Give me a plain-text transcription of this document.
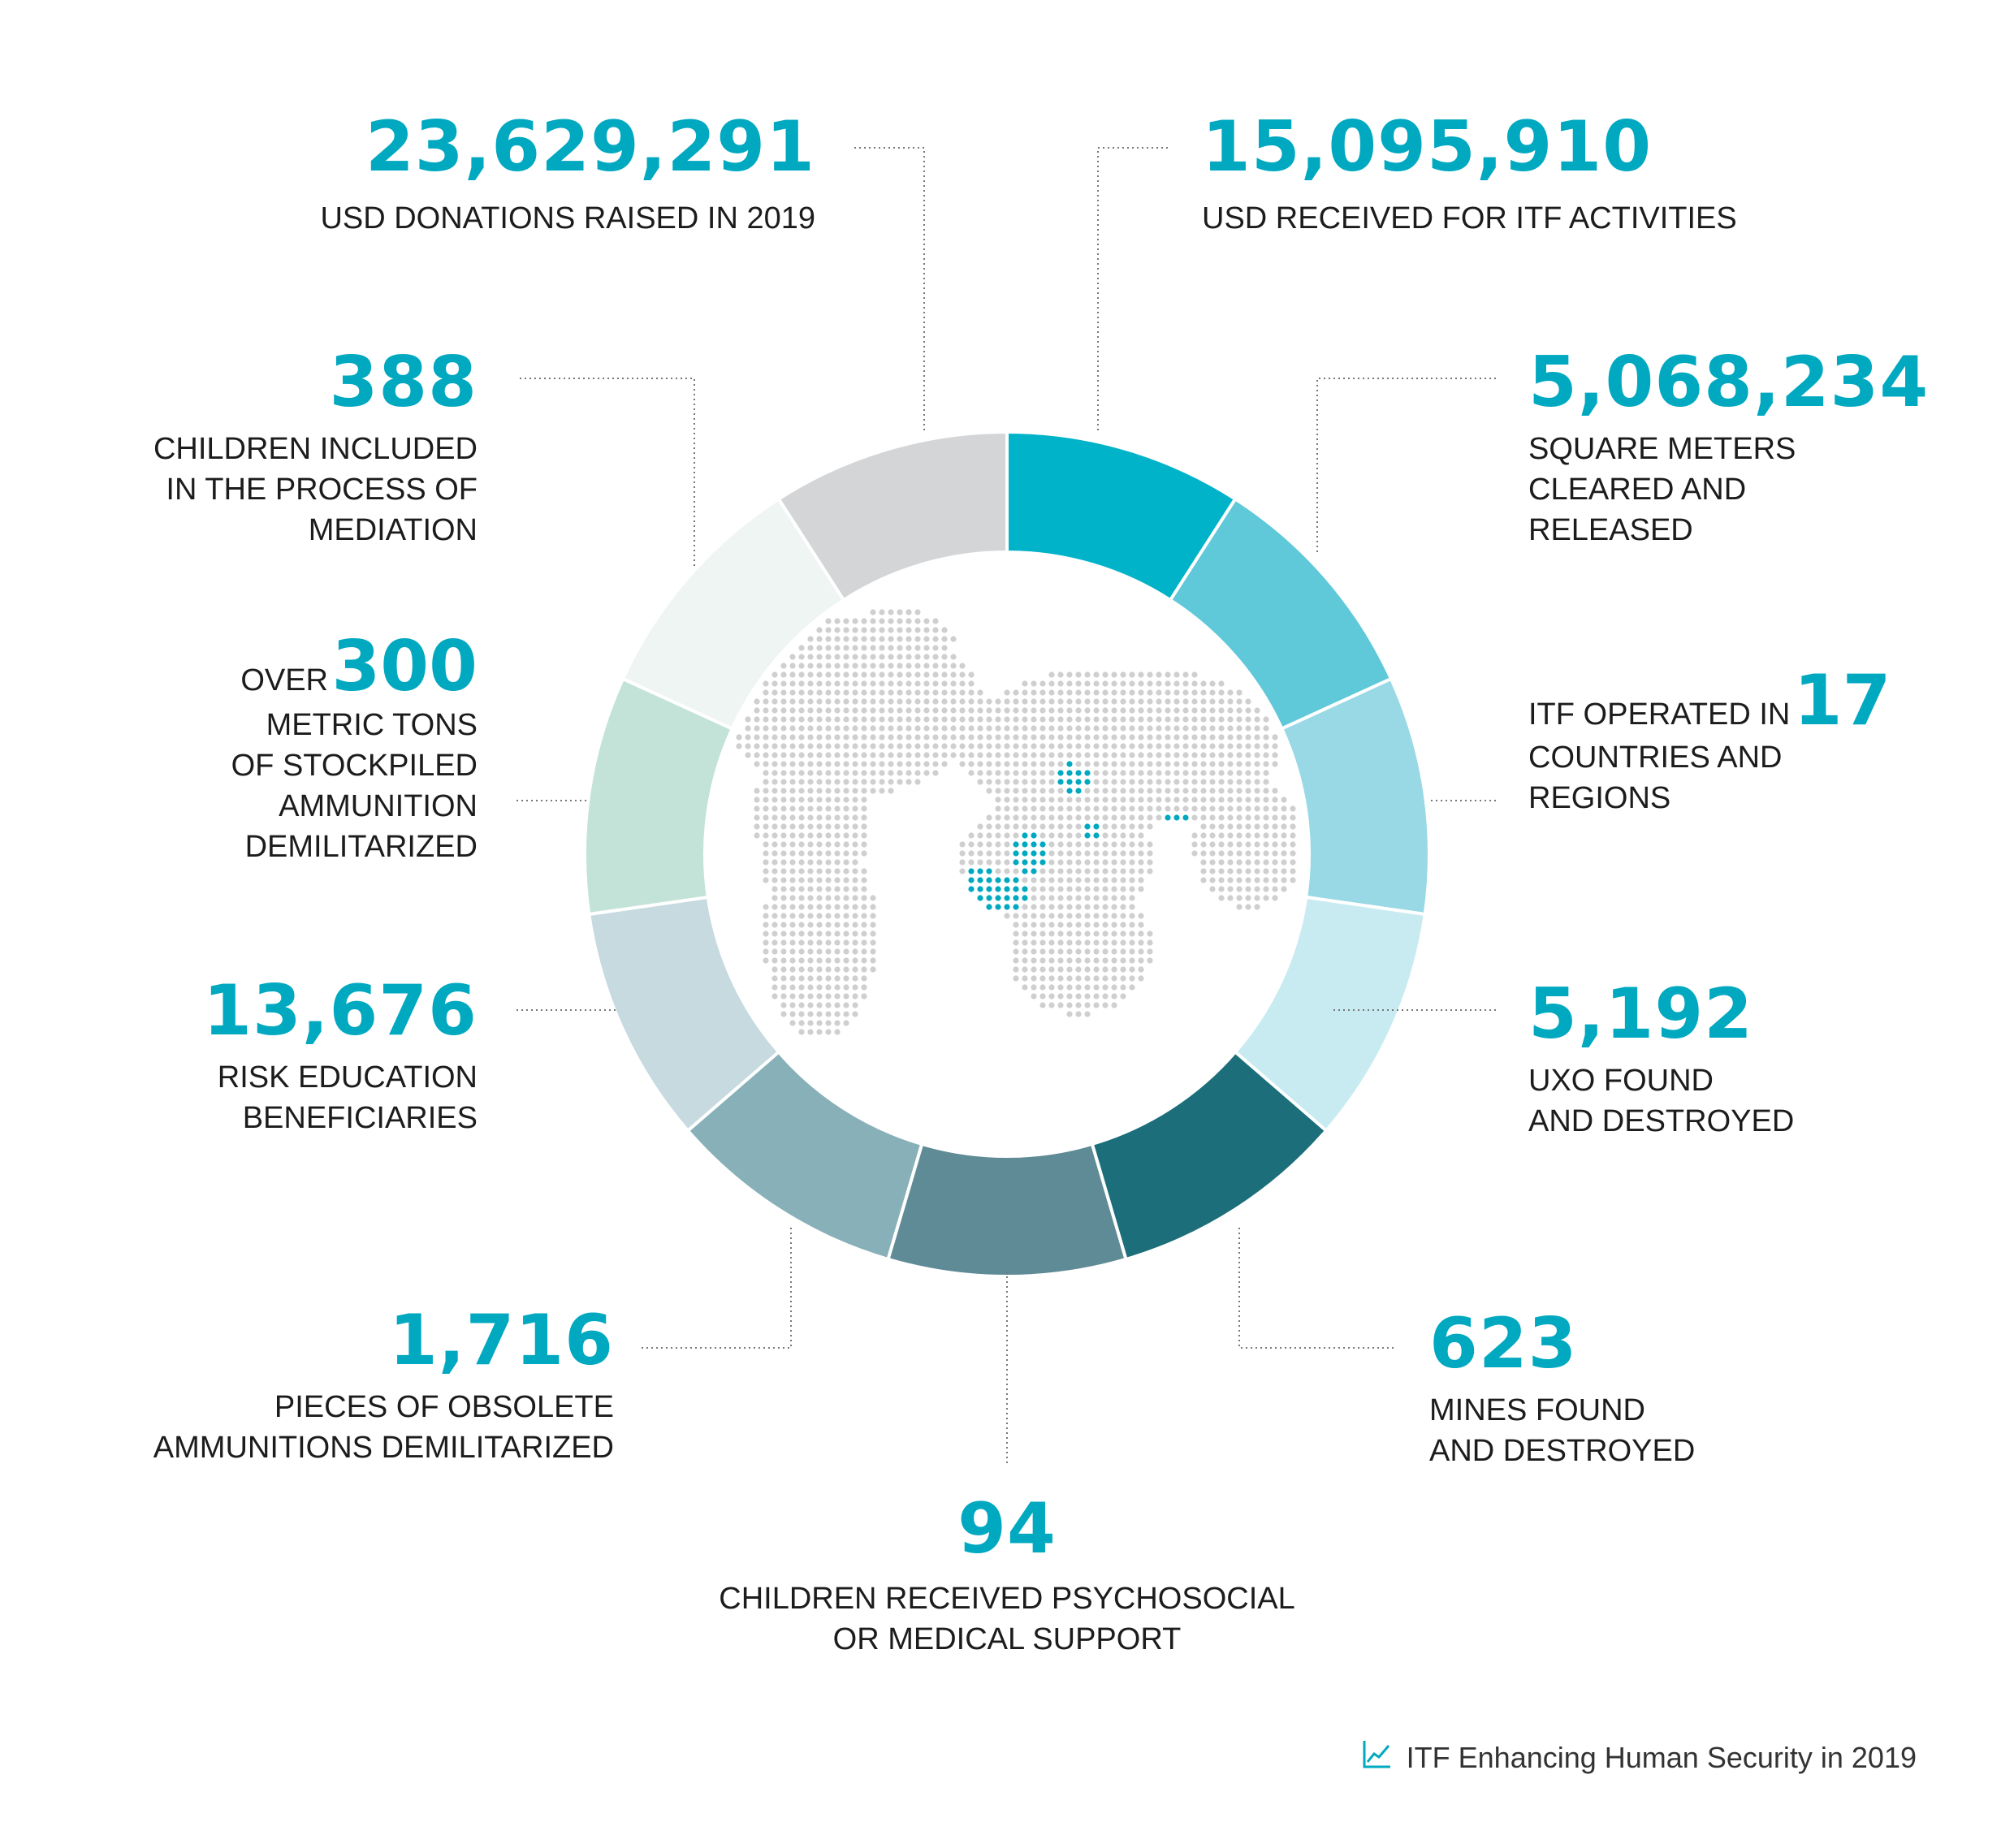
23,629,291
USD DONATIONS RAISED IN 2019
15,095,910
USD RECEIVED FOR ITF ACTIVITIES
388
CHILDREN INCLUDED
IN THE PROCESS OF
MEDIATION
5,068,234
SQUARE METERS
CLEARED AND
RELEASED
OVER 300
METRIC TONS
OF STOCKPILED
AMMUNITION
DEMILITARIZED
ITF OPERATED IN 17
COUNTRIES AND
REGIONS
13,676
RISK EDUCATION
BENEFICIARIES
5,192
UXO FOUND
AND DESTROYED
1,716
PIECES OF OBSOLETE
AMMUNITIONS DEMILITARIZED
623
MINES FOUND
AND DESTROYED
94
CHILDREN RECEIVED PSYCHOSOCIAL
OR MEDICAL SUPPORT
ITF Enhancing Human Security in 2019
